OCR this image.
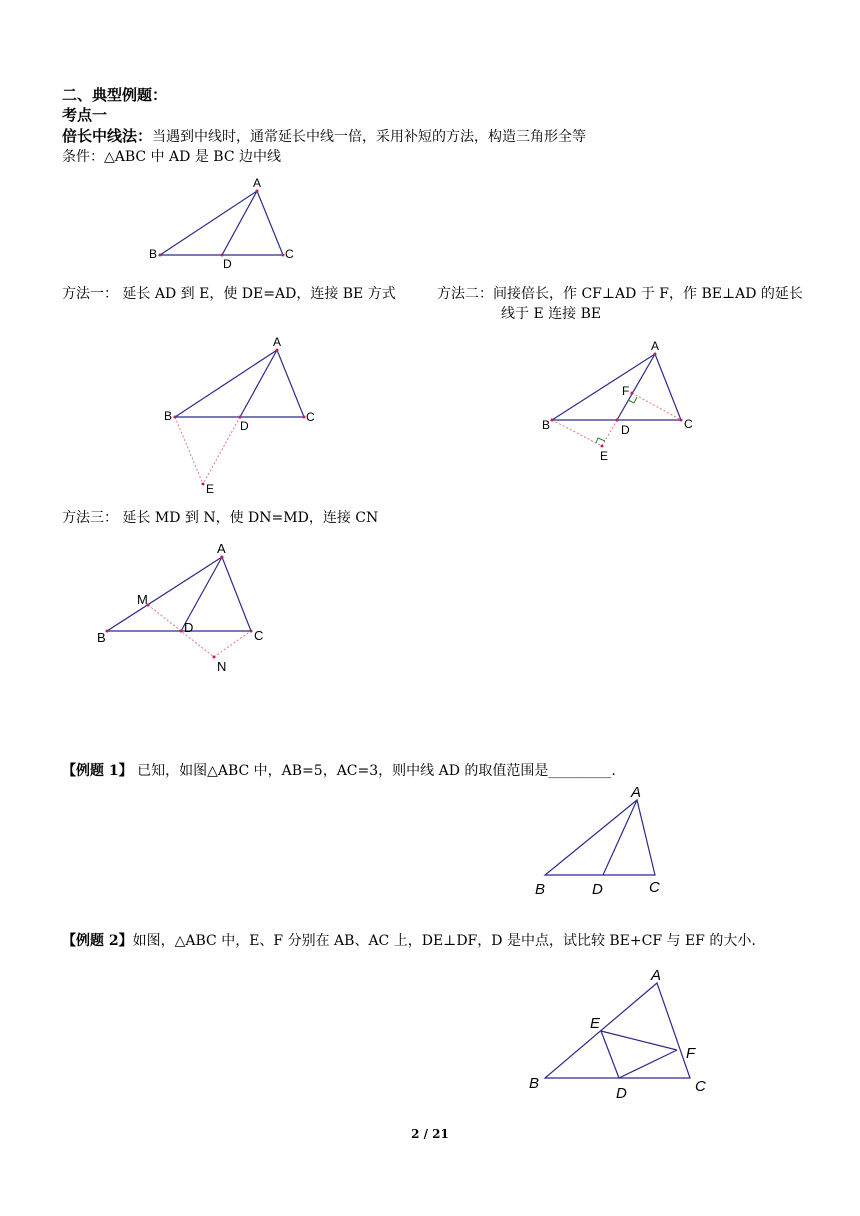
二、典型例题：
考点一
倍长中线法：当遇到中线时，通常延长中线一倍，采用补短的方法，构造三角形全等
条件：△ABC 中 AD 是 BC 边中线
A
B	C
D
方法一： 延长 AD 到 E，使 DE=AD，连接 BE 方式	方法二：间接倍长，作 CF⊥AD 于 F，作 BE⊥AD 的延长
线于 E 连接 BE
A
B	C
D
E
A
B	C
D
F
E
方法三： 延长 MD 到 N，使 DN=MD，连接 CN
A
B	C
D
M
N
【例题 1】 已知，如图△ABC 中，AB=5，AC=3，则中线 AD 的取值范围是_________.
A
B	C
D
【例题 2】如图，△ABC 中，E、F 分别在 AB、AC 上，DE⊥DF，D 是中点，试比较 BE+CF 与 EF 的大小.
A
B	C
D
E
F
2 / 21
